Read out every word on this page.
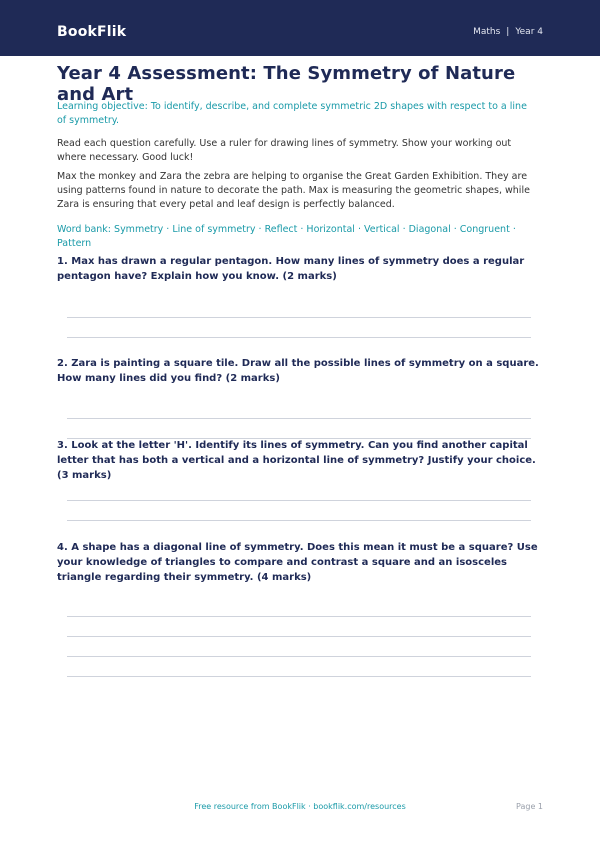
BookFlik	Maths | Year 4
Year 4 Assessment: The Symmetry of Nature and Art
Learning objective: To identify, describe, and complete symmetric 2D shapes with respect to a line of symmetry.
Read each question carefully. Use a ruler for drawing lines of symmetry. Show your working out where necessary. Good luck!
Max the monkey and Zara the zebra are helping to organise the Great Garden Exhibition. They are using patterns found in nature to decorate the path. Max is measuring the geometric shapes, while Zara is ensuring that every petal and leaf design is perfectly balanced.
Word bank: Symmetry · Line of symmetry · Reflect · Horizontal · Vertical · Diagonal · Congruent · Pattern
1. Max has drawn a regular pentagon. How many lines of symmetry does a regular pentagon have? Explain how you know. (2 marks)
2. Zara is painting a square tile. Draw all the possible lines of symmetry on a square. How many lines did you find? (2 marks)
3. Look at the letter 'H'. Identify its lines of symmetry. Can you find another capital letter that has both a vertical and a horizontal line of symmetry? Justify your choice. (3 marks)
4. A shape has a diagonal line of symmetry. Does this mean it must be a square? Use your knowledge of triangles to compare and contrast a square and an isosceles triangle regarding their symmetry. (4 marks)
Free resource from BookFlik · bookflik.com/resources	Page 1
